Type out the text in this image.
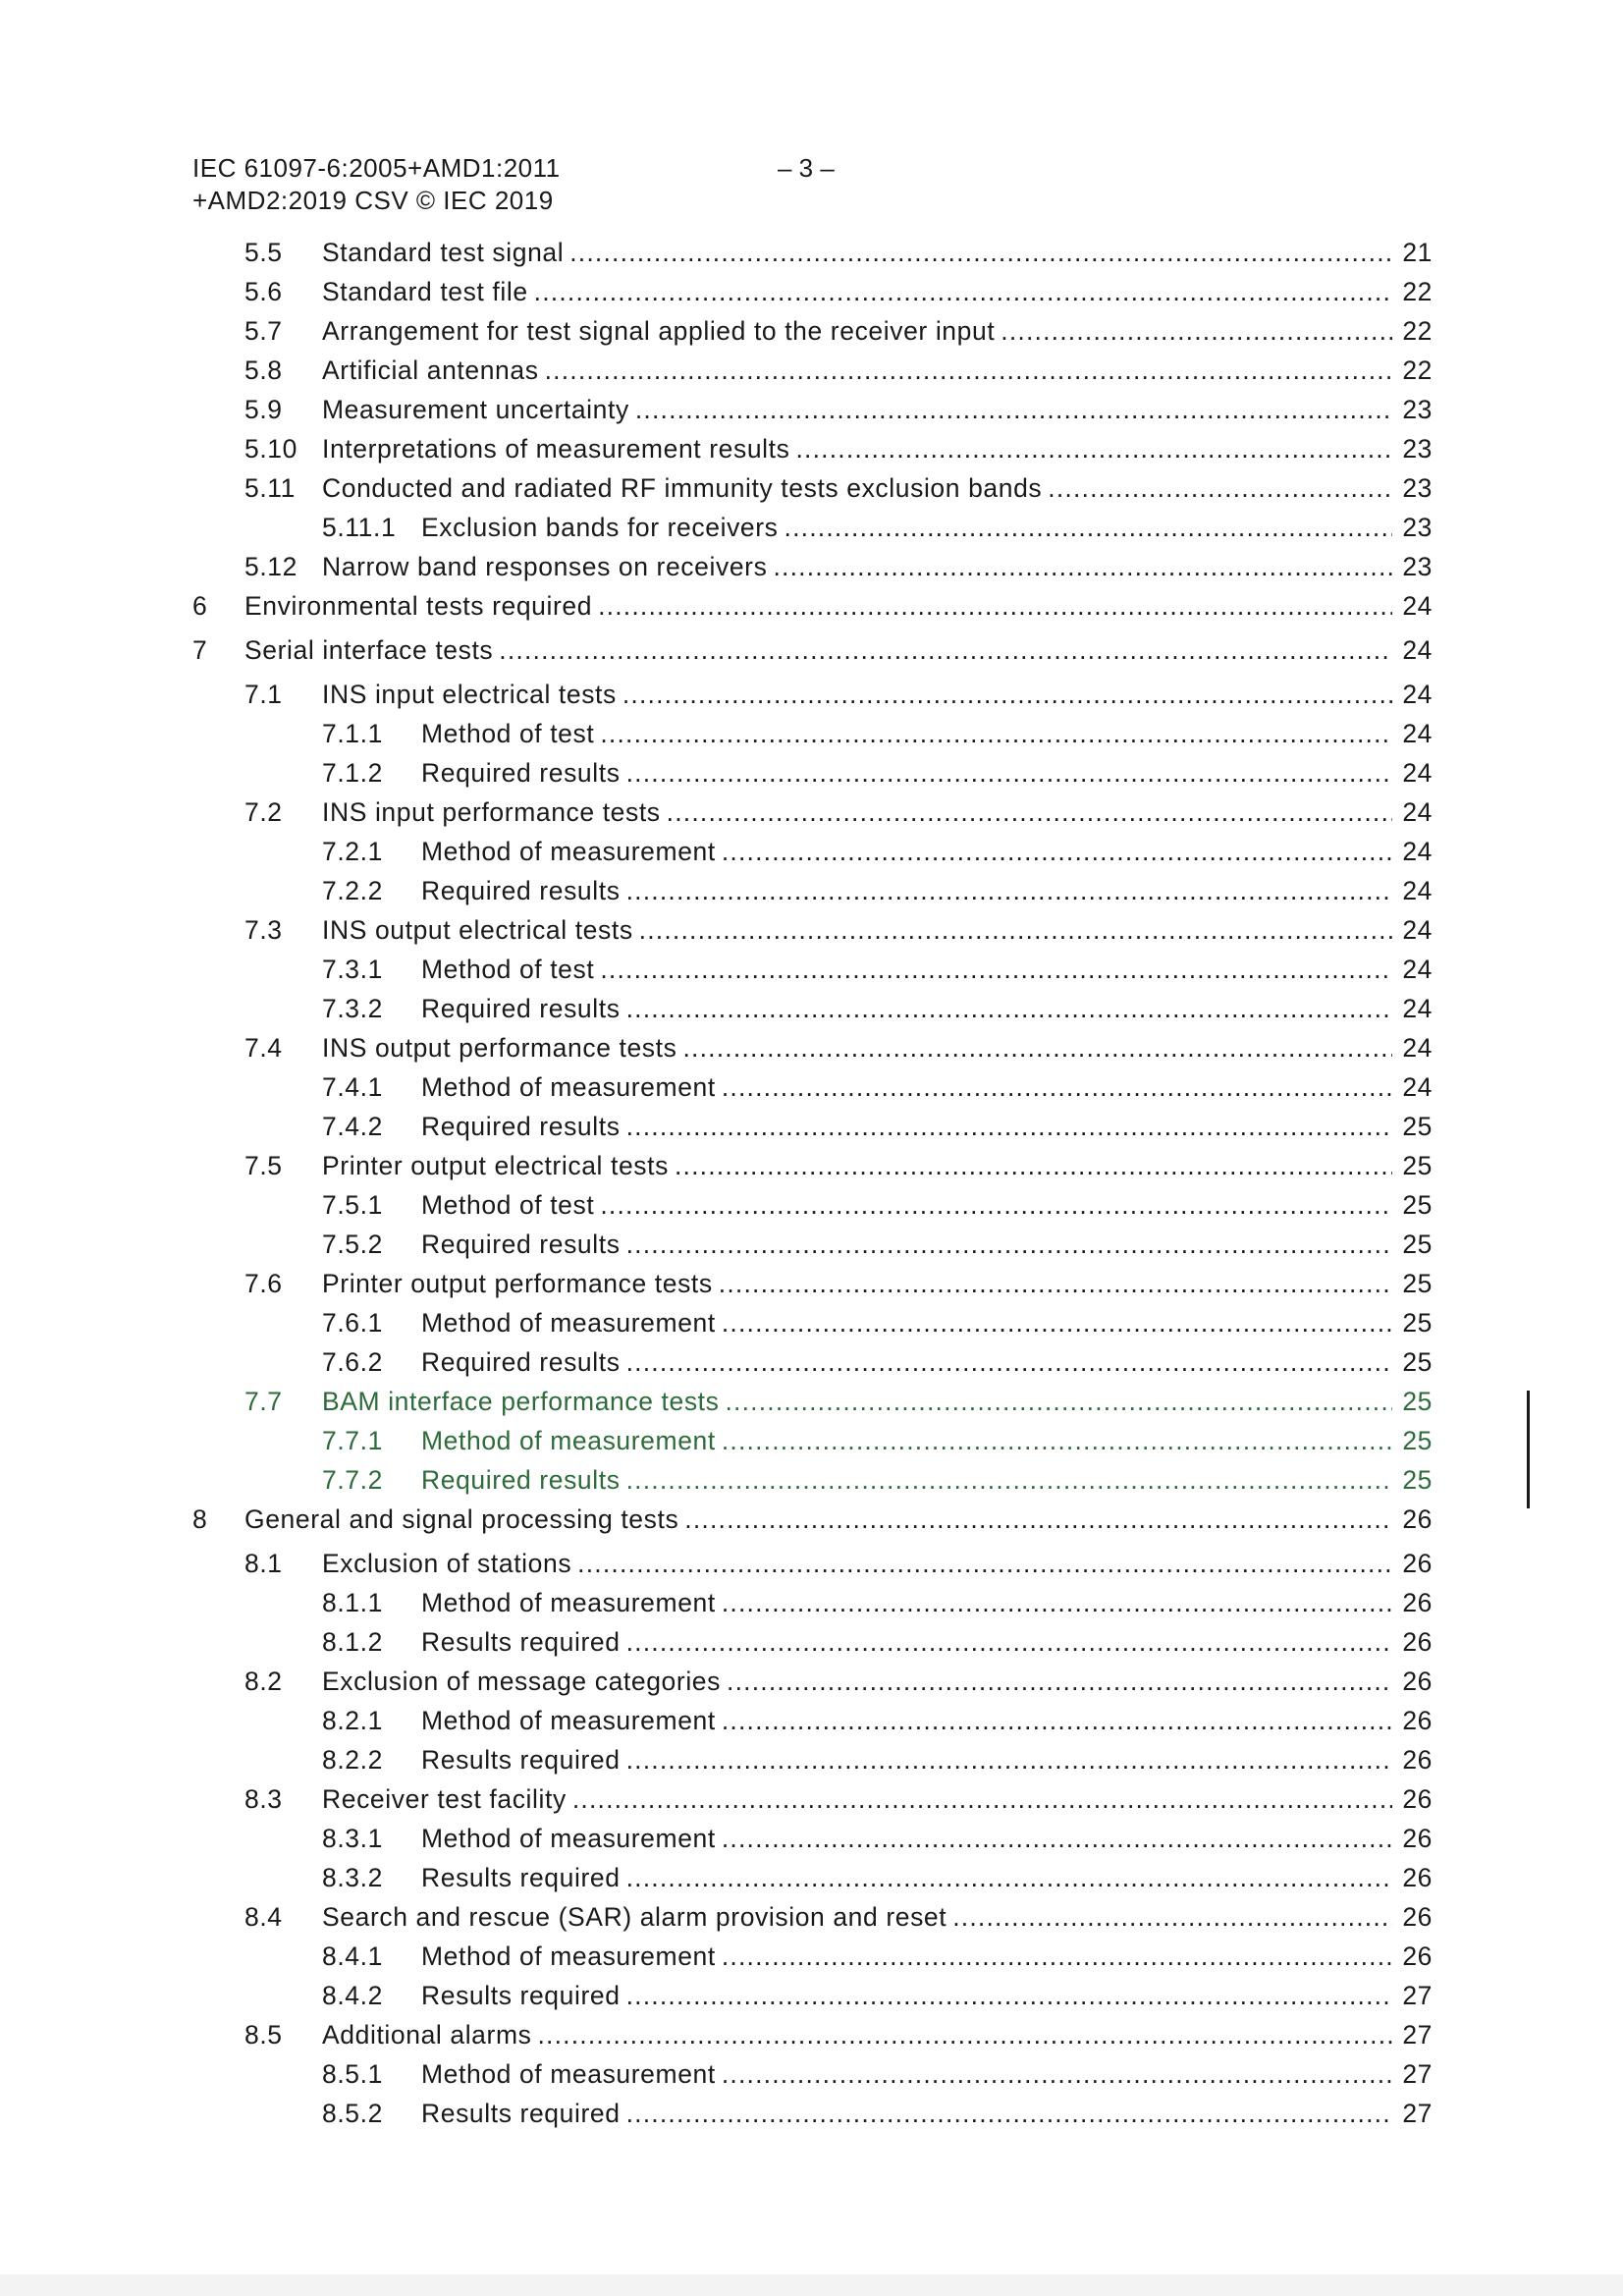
IEC 61097-6:2005+AMD1:2011
+AMD2:2019 CSV © IEC 2019
– 3 –
5.5 Standard test signal .....	21
5.6 Standard test file .....	22
5.7 Arrangement for test signal applied to the receiver input .....	22
5.8 Artificial antennas .....	22
5.9 Measurement uncertainty .....	23
5.10 Interpretations of measurement results .....	23
5.11 Conducted and radiated RF immunity tests exclusion bands .....	23
5.11.1 Exclusion bands for receivers .....	23
5.12 Narrow band responses on receivers .....	23
6 Environmental tests required .....	24
7 Serial interface tests .....	24
7.1 INS input electrical tests .....	24
7.1.1 Method of test .....	24
7.1.2 Required results .....	24
7.2 INS input performance tests .....	24
7.2.1 Method of measurement .....	24
7.2.2 Required results .....	24
7.3 INS output electrical tests .....	24
7.3.1 Method of test .....	24
7.3.2 Required results .....	24
7.4 INS output performance tests .....	24
7.4.1 Method of measurement .....	24
7.4.2 Required results .....	25
7.5 Printer output electrical tests .....	25
7.5.1 Method of test .....	25
7.5.2 Required results .....	25
7.6 Printer output performance tests .....	25
7.6.1 Method of measurement .....	25
7.6.2 Required results .....	25
7.7 BAM interface performance tests .....	25
7.7.1 Method of measurement .....	25
7.7.2 Required results .....	25
8 General and signal processing tests .....	26
8.1 Exclusion of stations .....	26
8.1.1 Method of measurement .....	26
8.1.2 Results required .....	26
8.2 Exclusion of message categories .....	26
8.2.1 Method of measurement .....	26
8.2.2 Results required .....	26
8.3 Receiver test facility .....	26
8.3.1 Method of measurement .....	26
8.3.2 Results required .....	26
8.4 Search and rescue (SAR) alarm provision and reset .....	26
8.4.1 Method of measurement .....	26
8.4.2 Results required .....	27
8.5 Additional alarms .....	27
8.5.1 Method of measurement .....	27
8.5.2 Results required .....	27
